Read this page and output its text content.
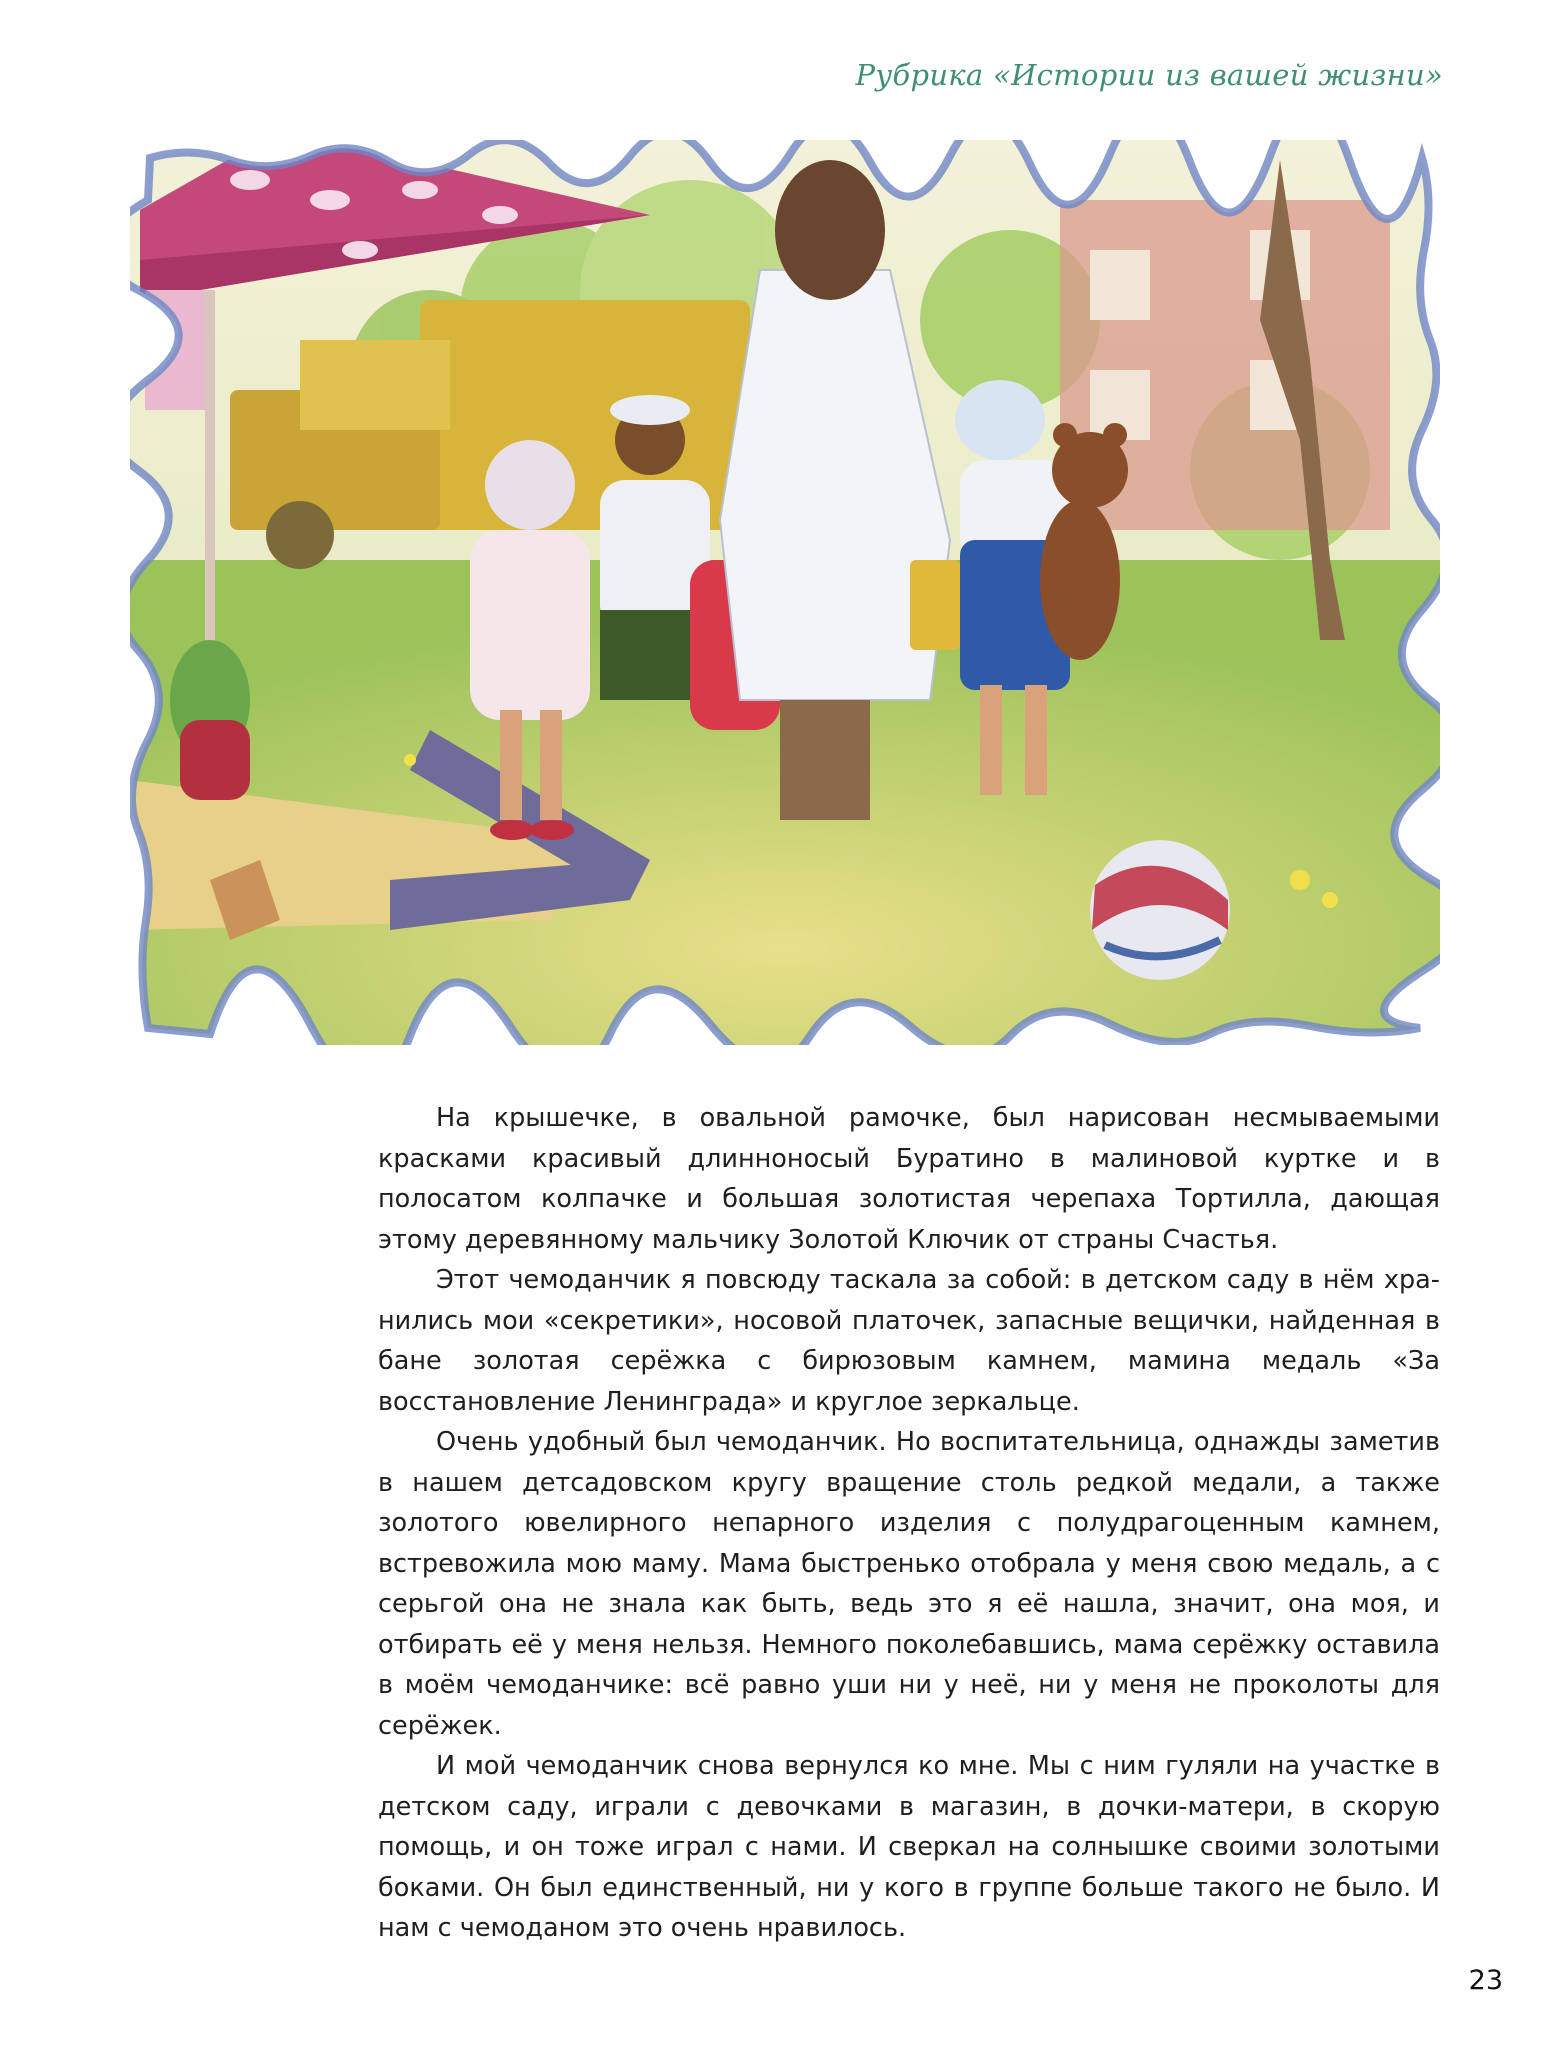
Рубрика «Истории из вашей жизни»

На крышечке, в овальной рамочке, был нарисован несмываемыми красками красивый длинноносый Буратино в малиновой куртке и в полосатом колпачке и большая золотистая черепаха Тортилла, дающая этому деревянному мальчику Золотой Ключик от страны Счастья.

Этот чемоданчик я повсюду таскала за собой: в детском саду в нём хранились мои «секретики», носовой платочек, запасные вещички, найденная в бане золотая серёжка с бирюзовым камнем, мамина медаль «За восстановление Ленинграда» и круглое зеркальце.

Очень удобный был чемоданчик. Но воспитательница, однажды заметив в нашем детсадовском кругу вращение столь редкой медали, а также золотого ювелирного непарного изделия с полудрагоценным камнем, встревожила мою маму. Мама быстренько отобрала у меня свою медаль, а с серьгой она не знала как быть, ведь это я её нашла, значит, она моя, и отбирать её у меня нельзя. Немного поколебавшись, мама серёжку оставила в моём чемоданчике: всё равно уши ни у неё, ни у меня не проколоты для серёжек.

И мой чемоданчик снова вернулся ко мне. Мы с ним гуляли на участке в детском саду, играли с девочками в магазин, в дочки-матери, в скорую помощь, и он тоже играл с нами. И сверкал на солнышке своими золотыми боками. Он был единственный, ни у кого в группе больше такого не было. И нам с чемоданом это очень нравилось.

23
